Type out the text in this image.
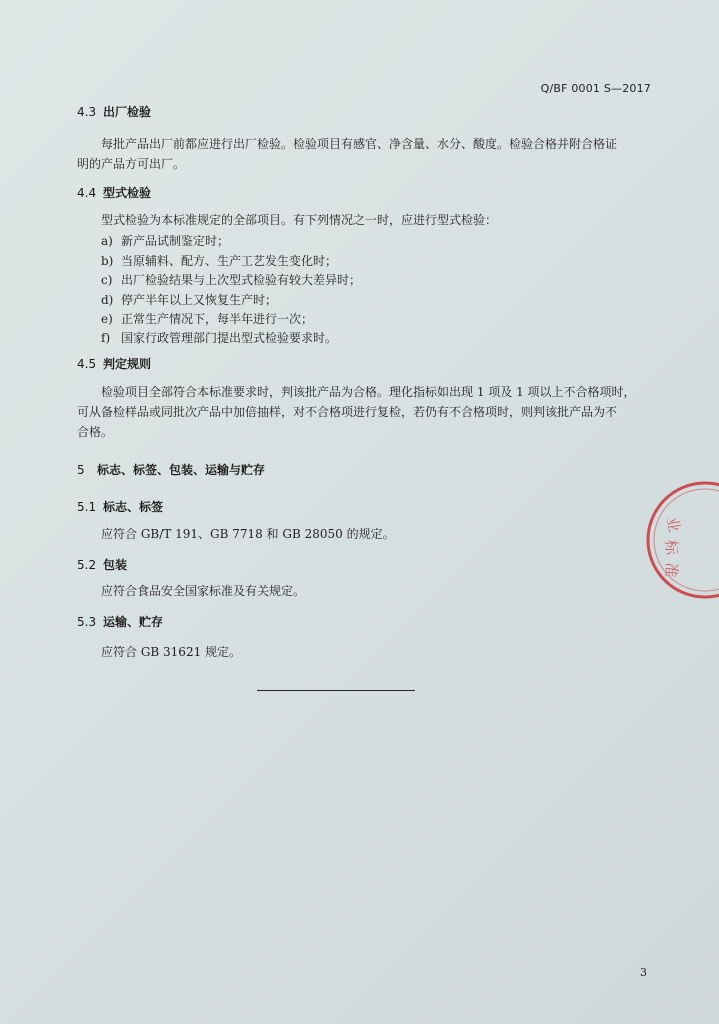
Q/BF 0001 S—2017
4.3 出厂检验
每批产品出厂前都应进行出厂检验。检验项目有感官、净含量、水分、酸度。检验合格并附合格证
明的产品方可出厂。
4.4 型式检验
型式检验为本标准规定的全部项目。有下列情况之一时，应进行型式检验：
a) 新产品试制鉴定时；
b) 当原辅料、配方、生产工艺发生变化时；
c) 出厂检验结果与上次型式检验有较大差异时；
d) 停产半年以上又恢复生产时；
e) 正常生产情况下，每半年进行一次；
f) 国家行政管理部门提出型式检验要求时。
4.5 判定规则
检验项目全部符合本标准要求时，判该批产品为合格。理化指标如出现 1 项及 1 项以上不合格项时，
可从备检样品或同批次产品中加倍抽样，对不合格项进行复检，若仍有不合格项时，则判该批产品为不
合格。
5 标志、标签、包装、运输与贮存
5.1 标志、标签
应符合 GB/T 191、GB 7718 和 GB 28050 的规定。
5.2 包装
应符合食品安全国家标准及有关规定。
5.3 运输、贮存
应符合 GB 31621 规定。
业
标
准
3
